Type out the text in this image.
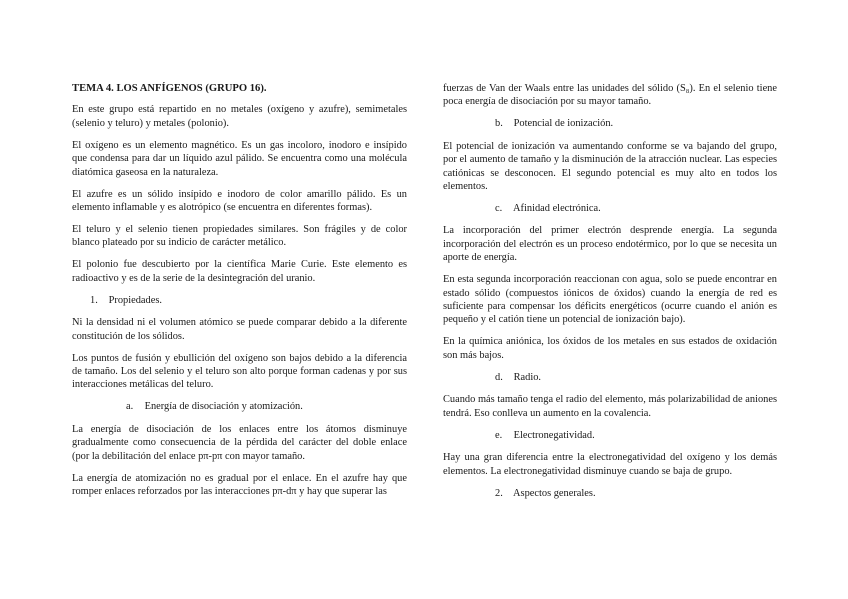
TEMA 4. LOS ANFÍGENOS (GRUPO 16).

En este grupo está repartido en no metales (oxígeno y azufre), semimetales (selenio y teluro) y metales (polonio).

El oxígeno es un elemento magnético. Es un gas incoloro, inodoro e insípido que condensa para dar un líquido azul pálido. Se encuentra como una molécula diatómica gaseosa en la naturaleza.

El azufre es un sólido insípido e inodoro de color amarillo pálido. Es un elemento inflamable y es alotrópico (se encuentra en diferentes formas).

El teluro y el selenio tienen propiedades similares. Son frágiles y de color blanco plateado por su indicio de carácter metálico.

El polonio fue descubierto por la científica Marie Curie. Este elemento es radioactivo y es de la serie de la desintegración del uranio.

1. Propiedades.

Ni la densidad ni el volumen atómico se puede comparar debido a la diferente constitución de los sólidos.

Los puntos de fusión y ebullición del oxígeno son bajos debido a la diferencia de tamaño. Los del selenio y el teluro son alto porque forman cadenas y por sus interacciones metálicas del teluro.

a. Energía de disociación y atomización.

La energía de disociación de los enlaces entre los átomos disminuye gradualmente como consecuencia de la pérdida del carácter del doble enlace (por la debilitación del enlace pπ-pπ con mayor tamaño.

La energía de atomización no es gradual por el enlace. En el azufre hay que romper enlaces reforzados por las interacciones pπ-dπ y hay que superar las

fuerzas de Van der Waals entre las unidades del sólido (S₈). En el selenio tiene poca energía de disociación por su mayor tamaño.

b. Potencial de ionización.

El potencial de ionización va aumentando conforme se va bajando del grupo, por el aumento de tamaño y la disminución de la atracción nuclear. Las especies catiónicas se desconocen. El segundo potencial es muy alto en todos los elementos.

c. Afinidad electrónica.

La incorporación del primer electrón desprende energía. La segunda incorporación del electrón es un proceso endotérmico, por lo que se necesita un aporte de energía.

En esta segunda incorporación reaccionan con agua, solo se puede encontrar en estado sólido (compuestos iónicos de óxidos) cuando la energía de red es suficiente para compensar los déficits energéticos (ocurre cuando el anión es pequeño y el catión tiene un potencial de ionización bajo).

En la química aniónica, los óxidos de los metales en sus estados de oxidación son más bajos.

d. Radio.

Cuando más tamaño tenga el radio del elemento, más polarizabilidad de aniones tendrá. Eso conlleva un aumento en la covalencia.

e. Electronegatividad.

Hay una gran diferencia entre la electronegatividad del oxígeno y los demás elementos. La electronegatividad disminuye cuando se baja de grupo.

2. Aspectos generales.
